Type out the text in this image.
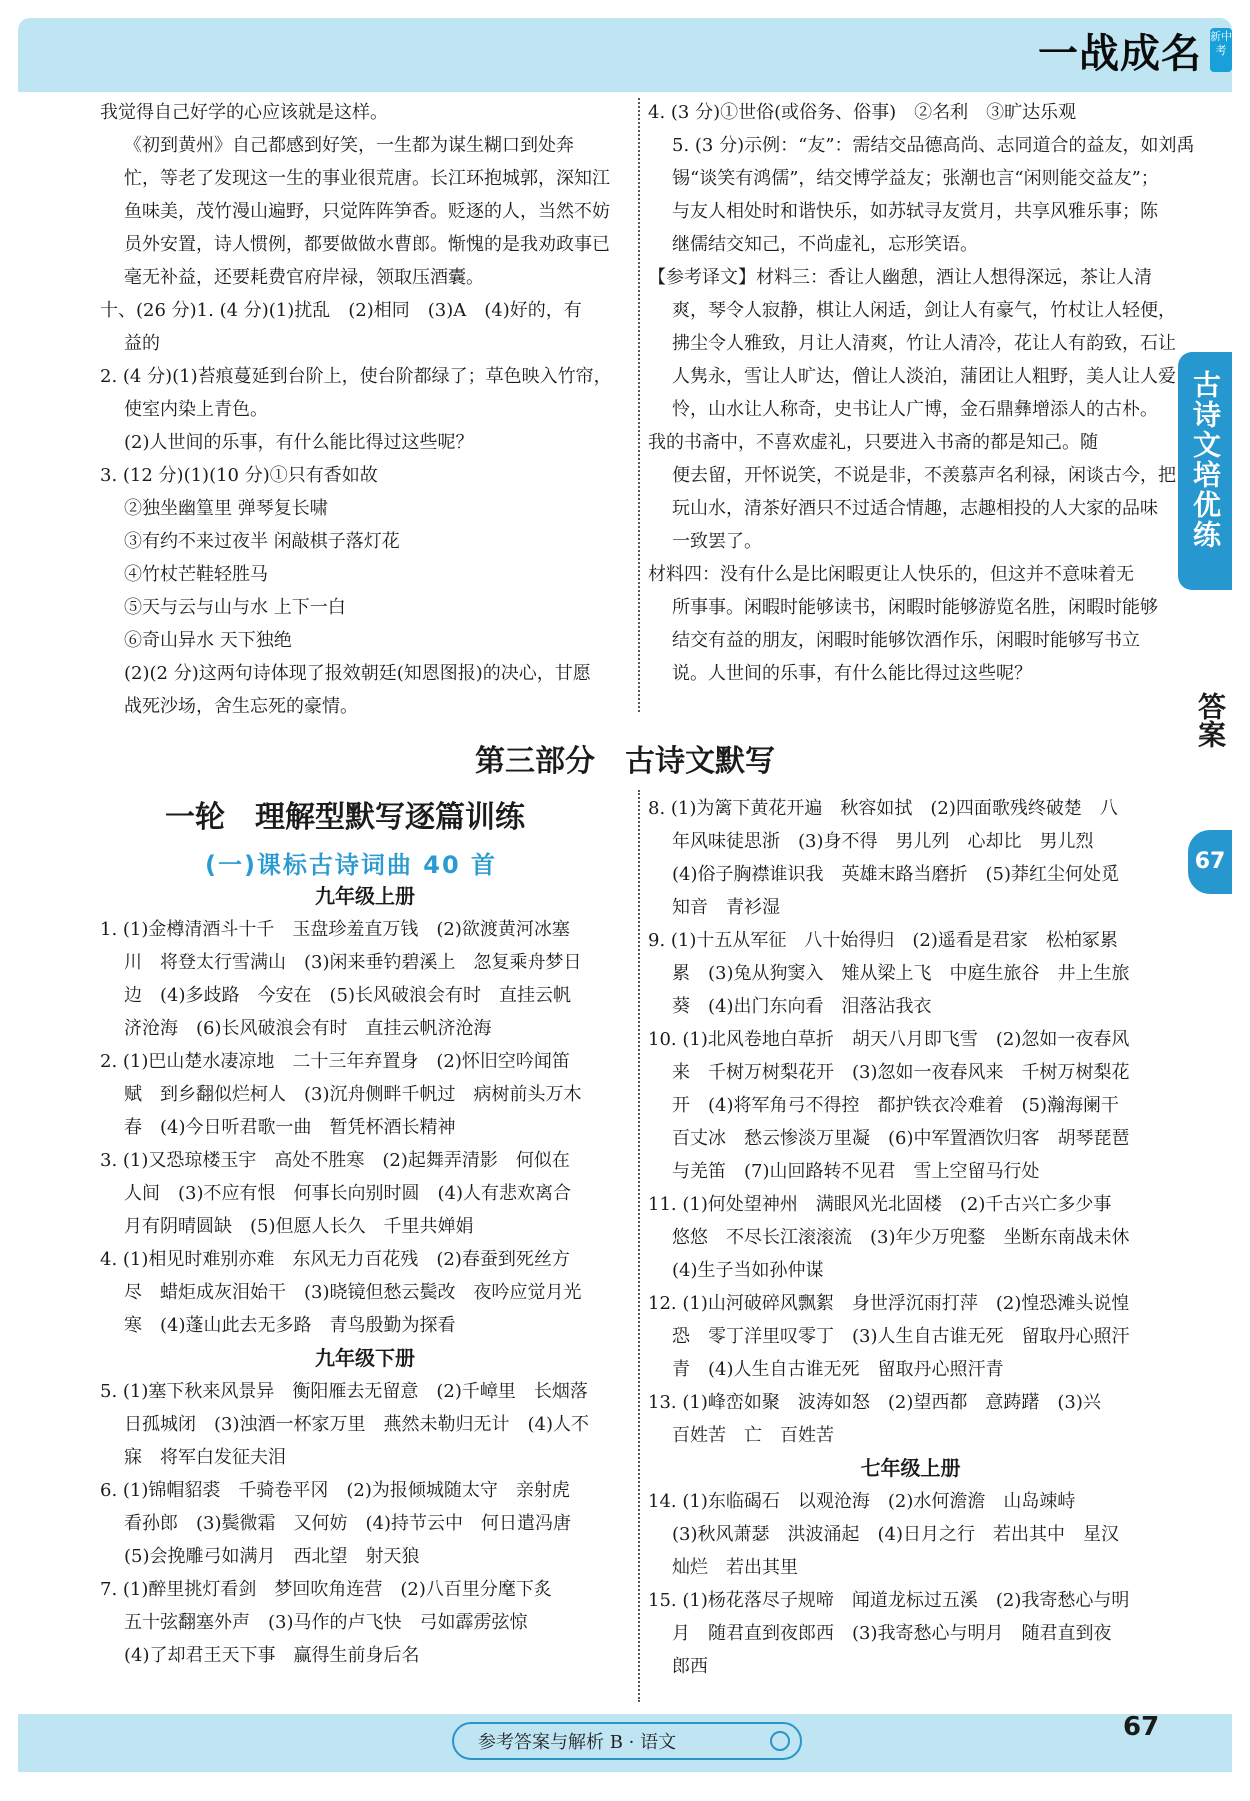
一战成名 新中考
古诗文培优练
答案
67

我觉得自己好学的心应该就是这样。

《初到黄州》自己都感到好笑，一生都为谋生糊口到处奔

忙，等老了发现这一生的事业很荒唐。长江环抱城郭，深知江

鱼味美，茂竹漫山遍野，只觉阵阵笋香。贬逐的人，当然不妨

员外安置，诗人惯例，都要做做水曹郎。惭愧的是我劝政事已

毫无补益，还要耗费官府岸禄，领取压酒囊。

十、(26 分)1. (4 分)(1)扰乱　(2)相同　(3)A　(4)好的，有

益的

2. (4 分)(1)苔痕蔓延到台阶上，使台阶都绿了；草色映入竹帘，

使室内染上青色。

(2)人世间的乐事，有什么能比得过这些呢？

3. (12 分)(1)(10 分)①只有香如故

②独坐幽篁里 弹琴复长啸

③有约不来过夜半 闲敲棋子落灯花

④竹杖芒鞋轻胜马

⑤天与云与山与水 上下一白

⑥奇山异水 天下独绝

(2)(2 分)这两句诗体现了报效朝廷(知恩图报)的决心，甘愿

战死沙场，舍生忘死的豪情。

4. (3 分)①世俗(或俗务、俗事)　②名利　③旷达乐观

5. (3 分)示例：“友”：需结交品德高尚、志同道合的益友，如刘禹

锡“谈笑有鸿儒”，结交博学益友；张潮也言“闲则能交益友”；

与友人相处时和谐快乐，如苏轼寻友赏月，共享风雅乐事；陈

继儒结交知己，不尚虚礼，忘形笑语。

【参考译文】材料三：香让人幽憩，酒让人想得深远，茶让人清

爽，琴令人寂静，棋让人闲适，剑让人有豪气，竹杖让人轻便，

拂尘令人雅致，月让人清爽，竹让人清冷，花让人有韵致，石让

人隽永，雪让人旷达，僧让人淡泊，蒲团让人粗野，美人让人爱

怜，山水让人称奇，史书让人广博，金石鼎彝增添人的古朴。

我的书斋中，不喜欢虚礼，只要进入书斋的都是知己。随

便去留，开怀说笑，不说是非，不羡慕声名利禄，闲谈古今，把

玩山水，清茶好酒只不过适合情趣，志趣相投的人大家的品味

一致罢了。

材料四：没有什么是比闲暇更让人快乐的，但这并不意味着无

所事事。闲暇时能够读书，闲暇时能够游览名胜，闲暇时能够

结交有益的朋友，闲暇时能够饮酒作乐，闲暇时能够写书立

说。人世间的乐事，有什么能比得过这些呢？

第三部分　古诗文默写
一轮　理解型默写逐篇训练
(一)课标古诗词曲 40 首

九年级上册

1. (1)金樽清酒斗十千　玉盘珍羞直万钱　(2)欲渡黄河冰塞

川　将登太行雪满山　(3)闲来垂钓碧溪上　忽复乘舟梦日

边　(4)多歧路　今安在　(5)长风破浪会有时　直挂云帆

济沧海　(6)长风破浪会有时　直挂云帆济沧海

2. (1)巴山楚水凄凉地　二十三年弃置身　(2)怀旧空吟闻笛

赋　到乡翻似烂柯人　(3)沉舟侧畔千帆过　病树前头万木

春　(4)今日听君歌一曲　暂凭杯酒长精神

3. (1)又恐琼楼玉宇　高处不胜寒　(2)起舞弄清影　何似在

人间　(3)不应有恨　何事长向别时圆　(4)人有悲欢离合

月有阴晴圆缺　(5)但愿人长久　千里共婵娟

4. (1)相见时难别亦难　东风无力百花残　(2)春蚕到死丝方

尽　蜡炬成灰泪始干　(3)晓镜但愁云鬓改　夜吟应觉月光

寒　(4)蓬山此去无多路　青鸟殷勤为探看

九年级下册

5. (1)塞下秋来风景异　衡阳雁去无留意　(2)千嶂里　长烟落

日孤城闭　(3)浊酒一杯家万里　燕然未勒归无计　(4)人不

寐　将军白发征夫泪

6. (1)锦帽貂裘　千骑卷平冈　(2)为报倾城随太守　亲射虎

看孙郎　(3)鬓微霜　又何妨　(4)持节云中　何日遣冯唐

(5)会挽雕弓如满月　西北望　射天狼

7. (1)醉里挑灯看剑　梦回吹角连营　(2)八百里分麾下炙

五十弦翻塞外声　(3)马作的卢飞快　弓如霹雳弦惊

(4)了却君王天下事　赢得生前身后名

8. (1)为篱下黄花开遍　秋容如拭　(2)四面歌残终破楚　八

年风味徒思浙　(3)身不得　男儿列　心却比　男儿烈

(4)俗子胸襟谁识我　英雄末路当磨折　(5)莽红尘何处觅

知音　青衫湿

9. (1)十五从军征　八十始得归　(2)遥看是君家　松柏冢累

累　(3)兔从狗窦入　雉从梁上飞　中庭生旅谷　井上生旅

葵　(4)出门东向看　泪落沾我衣

10. (1)北风卷地白草折　胡天八月即飞雪　(2)忽如一夜春风

来　千树万树梨花开　(3)忽如一夜春风来　千树万树梨花

开　(4)将军角弓不得控　都护铁衣冷难着　(5)瀚海阑干

百丈冰　愁云惨淡万里凝　(6)中军置酒饮归客　胡琴琵琶

与羌笛　(7)山回路转不见君　雪上空留马行处

11. (1)何处望神州　满眼风光北固楼　(2)千古兴亡多少事

悠悠　不尽长江滚滚流　(3)年少万兜鍪　坐断东南战未休

(4)生子当如孙仲谋

12. (1)山河破碎风飘絮　身世浮沉雨打萍　(2)惶恐滩头说惶

恐　零丁洋里叹零丁　(3)人生自古谁无死　留取丹心照汗

青　(4)人生自古谁无死　留取丹心照汗青

13. (1)峰峦如聚　波涛如怒　(2)望西都　意踌躇　(3)兴

百姓苦　亡　百姓苦

七年级上册

14. (1)东临碣石　以观沧海　(2)水何澹澹　山岛竦峙

(3)秋风萧瑟　洪波涌起　(4)日月之行　若出其中　星汉

灿烂　若出其里

15. (1)杨花落尽子规啼　闻道龙标过五溪　(2)我寄愁心与明

月　随君直到夜郎西　(3)我寄愁心与明月　随君直到夜

郎西

参考答案与解析 B · 语文
67
